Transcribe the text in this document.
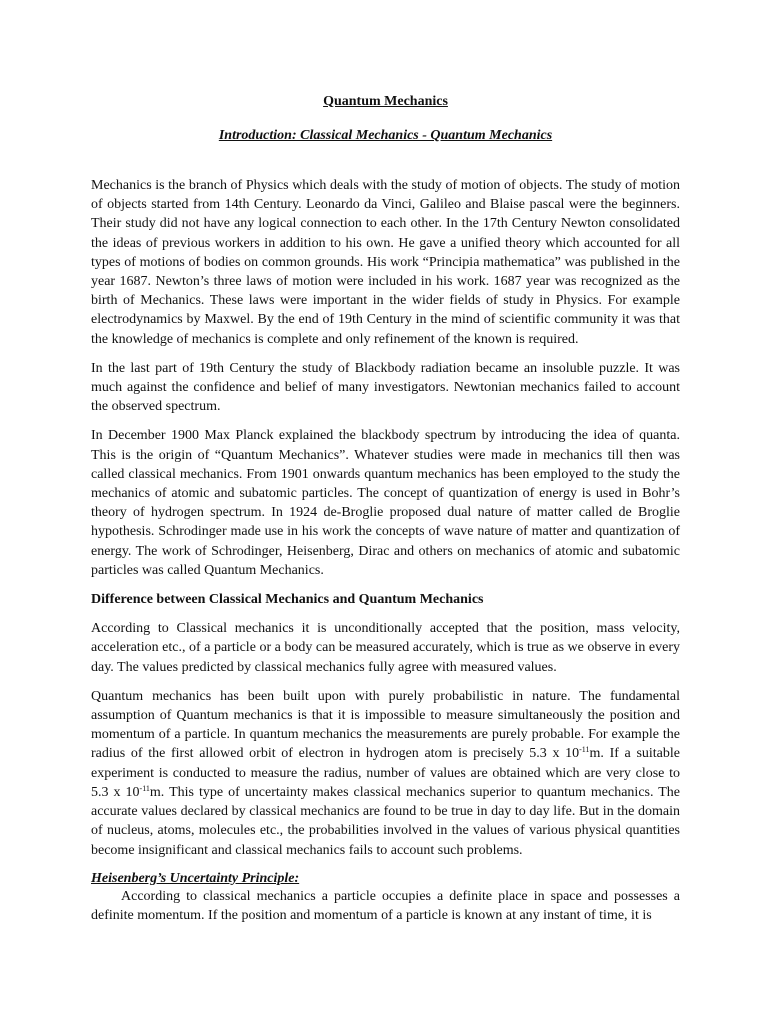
Quantum Mechanics
Introduction: Classical Mechanics - Quantum Mechanics

Mechanics is the branch of Physics which deals with the study of motion of objects. The study of motion of objects started from 14th Century. Leonardo da Vinci, Galileo and Blaise pascal were the beginners. Their study did not have any logical connection to each other. In the 17th Century Newton consolidated the ideas of previous workers in addition to his own. He gave a unified theory which accounted for all types of motions of bodies on common grounds. His work “Principia mathematica” was published in the year 1687. Newton’s three laws of motion were included in his work. 1687 year was recognized as the birth of Mechanics. These laws were important in the wider fields of study in Physics. For example electrodynamics by Maxwel. By the end of 19th Century in the mind of scientific community it was that the knowledge of mechanics is complete and only refinement of the known is required.

In the last part of 19th Century the study of Blackbody radiation became an insoluble puzzle. It was much against the confidence and belief of many investigators. Newtonian mechanics failed to account the observed spectrum.

In December 1900 Max Planck explained the blackbody spectrum by introducing the idea of quanta. This is the origin of “Quantum Mechanics”. Whatever studies were made in mechanics till then was called classical mechanics. From 1901 onwards quantum mechanics has been employed to the study the mechanics of atomic and subatomic particles. The concept of quantization of energy is used in Bohr’s theory of hydrogen spectrum. In 1924 de-Broglie proposed dual nature of matter called de Broglie hypothesis. Schrodinger made use in his work the concepts of wave nature of matter and quantization of energy. The work of Schrodinger, Heisenberg, Dirac and others on mechanics of atomic and subatomic particles was called Quantum Mechanics.

Difference between Classical Mechanics and Quantum Mechanics

According to Classical mechanics it is unconditionally accepted that the position, mass velocity, acceleration etc., of a particle or a body can be measured accurately, which is true as we observe in every day. The values predicted by classical mechanics fully agree with measured values.

Quantum mechanics has been built upon with purely probabilistic in nature. The fundamental assumption of Quantum mechanics is that it is impossible to measure simultaneously the position and momentum of a particle. In quantum mechanics the measurements are purely probable. For example the radius of the first allowed orbit of electron in hydrogen atom is precisely 5.3 x $10^{-11}m$. If a suitable experiment is conducted to measure the radius, number of values are obtained which are very close to 5.3 x $10^{-11}m$. This type of uncertainty makes classical mechanics superior to quantum mechanics. The accurate values declared by classical mechanics are found to be true in day to day life. But in the domain of nucleus, atoms, molecules etc., the probabilities involved in the values of various physical quantities become insignificant and classical mechanics fails to account such problems.

Heisenberg’s Uncertainty Principle:

According to classical mechanics a particle occupies a definite place in space and possesses a definite momentum. If the position and momentum of a particle is known at any instant of time, it is
